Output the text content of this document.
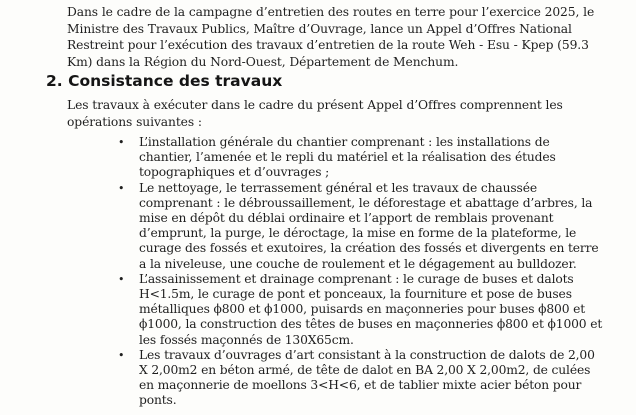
Dans le cadre de la campagne d’entretien des routes en terre pour l’exercice 2025, le Ministre des Travaux Publics, Maître d’Ouvrage, lance un Appel d’Offres National Restreint pour l’exécution des travaux d’entretien de la route Weh - Esu - Kpep (59.3 Km) dans la Région du Nord-Ouest, Département de Menchum.

2. Consistance des travaux

Les travaux à exécuter dans le cadre du présent Appel d’Offres comprennent les opérations suivantes :

• L’installation générale du chantier comprenant : les installations de chantier, l’amenée et le repli du matériel et la réalisation des études topographiques et d’ouvrages ;
• Le nettoyage, le terrassement général et les travaux de chaussée comprenant : le débroussaillement, le déforestage et abattage d’arbres, la mise en dépôt du déblai ordinaire et l’apport de remblais provenant d’emprunt, la purge, le déroctage, la mise en forme de la plateforme, le curage des fossés et exutoires, la création des fossés et divergents en terre a la niveleuse, une couche de roulement et le dégagement au bulldozer.
• L’assainissement et drainage comprenant : le curage de buses et dalots H<1.5m, le curage de pont et ponceaux, la fourniture et pose de buses métalliques ϕ800 et ϕ1000, puisards en maçonneries pour buses ϕ800 et ϕ1000, la construction des têtes de buses en maçonneries ϕ800 et ϕ1000 et les fossés maçonnés de 130X65cm.
• Les travaux d’ouvrages d’art consistant à la construction de dalots de 2,00 X 2,00m2 en béton armé, de tête de dalot en BA 2,00 X 2,00m2, de culées en maçonnerie de moellons 3<H<6, et de tablier mixte acier béton pour ponts.
